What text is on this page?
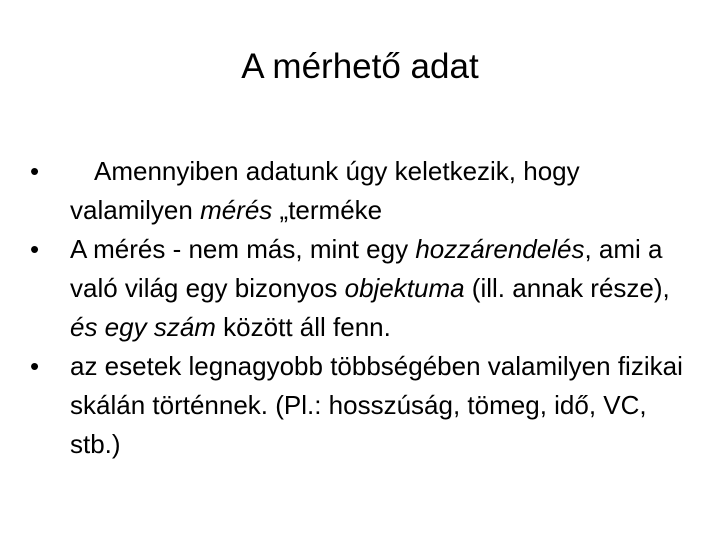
A mérhető adat
•	Amennyiben adatunk úgy keletkezik, hogy valamilyen mérés „terméke
•	A mérés - nem más, mint egy hozzárendelés, ami a való világ egy bizonyos objektuma (ill. annak része), és egy szám között áll fenn.
•	az esetek legnagyobb többségében valamilyen fizikai skálán történnek. (Pl.: hosszúság, tömeg, idő, VC, stb.)
